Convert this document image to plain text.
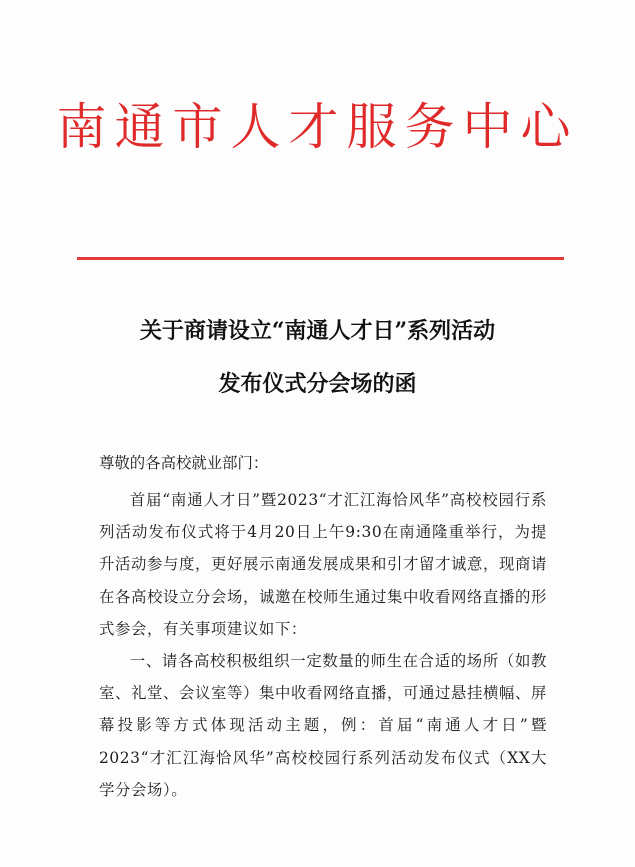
南通市人才服务中心
关于商请设立“南通人才日”系列活动
发布仪式分会场的函
尊敬的各高校就业部门：
首届“南通人才日”暨2023“才汇江海恰风华”高校校园行系列活动发布仪式将于4月20日上午9:30在南通隆重举行，为提升活动参与度，更好展示南通发展成果和引才留才诚意，现商请在各高校设立分会场，诚邀在校师生通过集中收看网络直播的形式参会，有关事项建议如下：
一、请各高校积极组织一定数量的师生在合适的场所（如教室、礼堂、会议室等）集中收看网络直播，可通过悬挂横幅、屏幕投影等方式体现活动主题，例：首届“南通人才日”暨2023“才汇江海恰风华”高校校园行系列活动发布仪式（XX大学分会场）。
